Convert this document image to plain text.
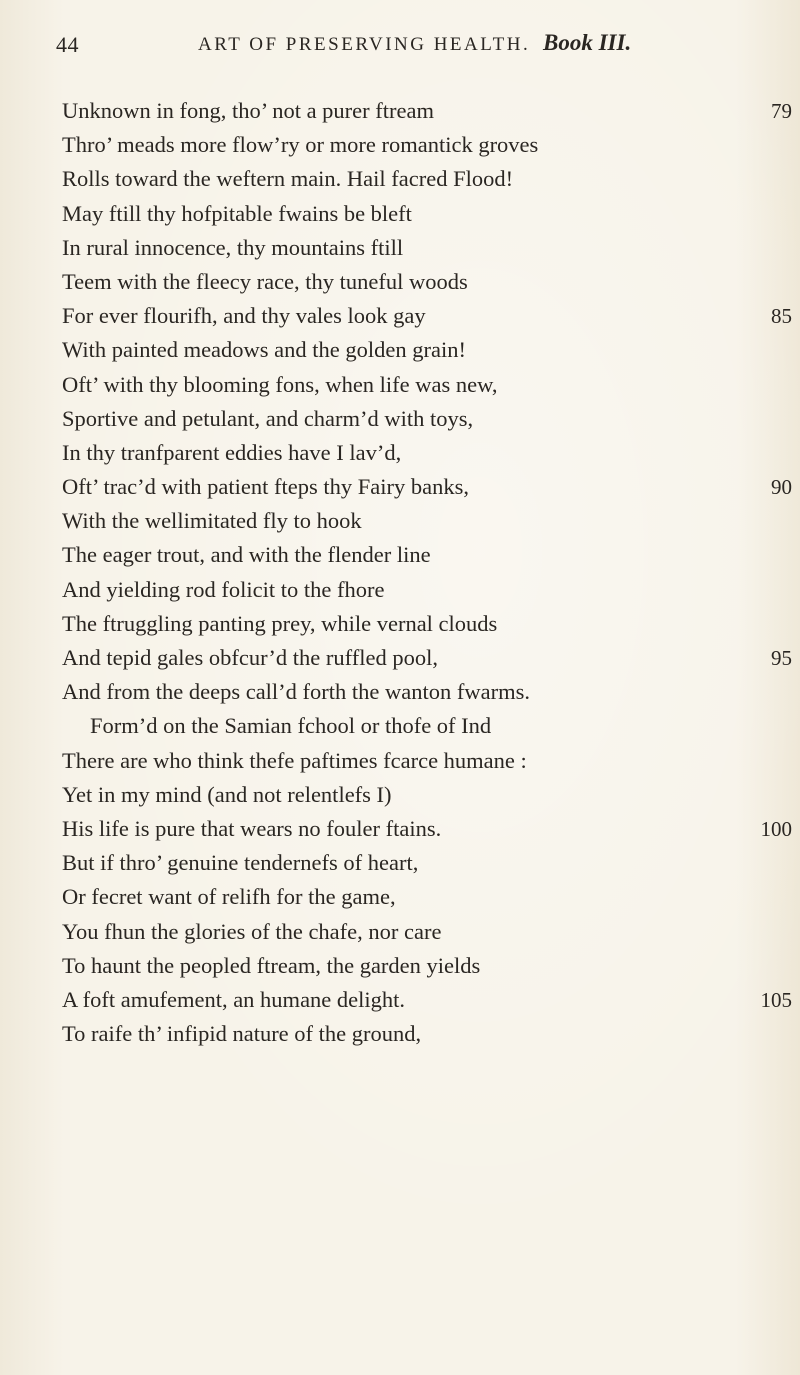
44	ART OF PRESERVING HEALTH. Book III.
Unknown in fong, tho’ not a purer ftream	79
Thro’ meads more flow’ry or more romantick groves
Rolls toward the weftern main. Hail facred Flood!
May ftill thy hofpitable fwains be bleft
In rural innocence, thy mountains ftill
Teem with the fleecy race, thy tuneful woods
For ever flourifh, and thy vales look gay	85
With painted meadows and the golden grain!
Oft’ with thy blooming fons, when life was new,
Sportive and petulant, and charm’d with toys,
In thy tranfparent eddies have I lav’d,
Oft’ trac’d with patient fteps thy Fairy banks,	90
With the wellimitated fly to hook
The eager trout, and with the flender line
And yielding rod folicit to the fhore
The ftruggling panting prey, while vernal clouds
And tepid gales obfcur’d the ruffled pool,	95
And from the deeps call’d forth the wanton fwarms.
Form’d on the Samian fchool or thofe of Ind
There are who think thefe paftimes fcarce humane :
Yet in my mind (and not relentlefs I)
His life is pure that wears no fouler ftains.	100
But if thro’ genuine tendernefs of heart,
Or fecret want of relifh for the game,
You fhun the glories of the chafe, nor care
To haunt the peopled ftream, the garden yields
A foft amufement, an humane delight.	105
To raife th’ infipid nature of the ground,
